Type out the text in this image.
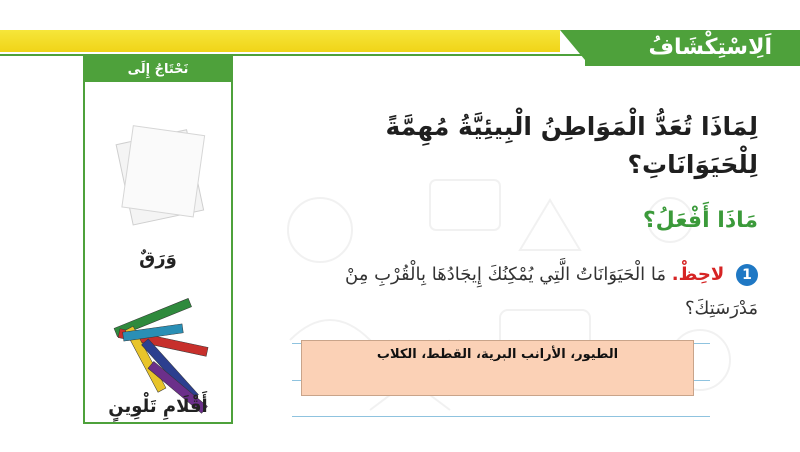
اَلِاسْتِكْشَافُ
نَحْتَاجُ إِلَى
وَرَقٌ
أَقْلَامِ تَلْوِينٍ
لِمَاذَا تُعَدُّ الْمَوَاطِنُ الْبِيئِيَّةُ مُهِمَّةً لِلْحَيَوَانَاتِ؟
مَاذَا أَفْعَلُ؟
1 لاحِظْ. مَا الْحَيَوَانَاتُ الَّتِي يُمْكِنُكَ إِيجَادُهَا بِالْقُرْبِ مِنْ مَدْرَسَتِكَ؟
الطيور، الأرانب البرية، القطط، الكلاب
